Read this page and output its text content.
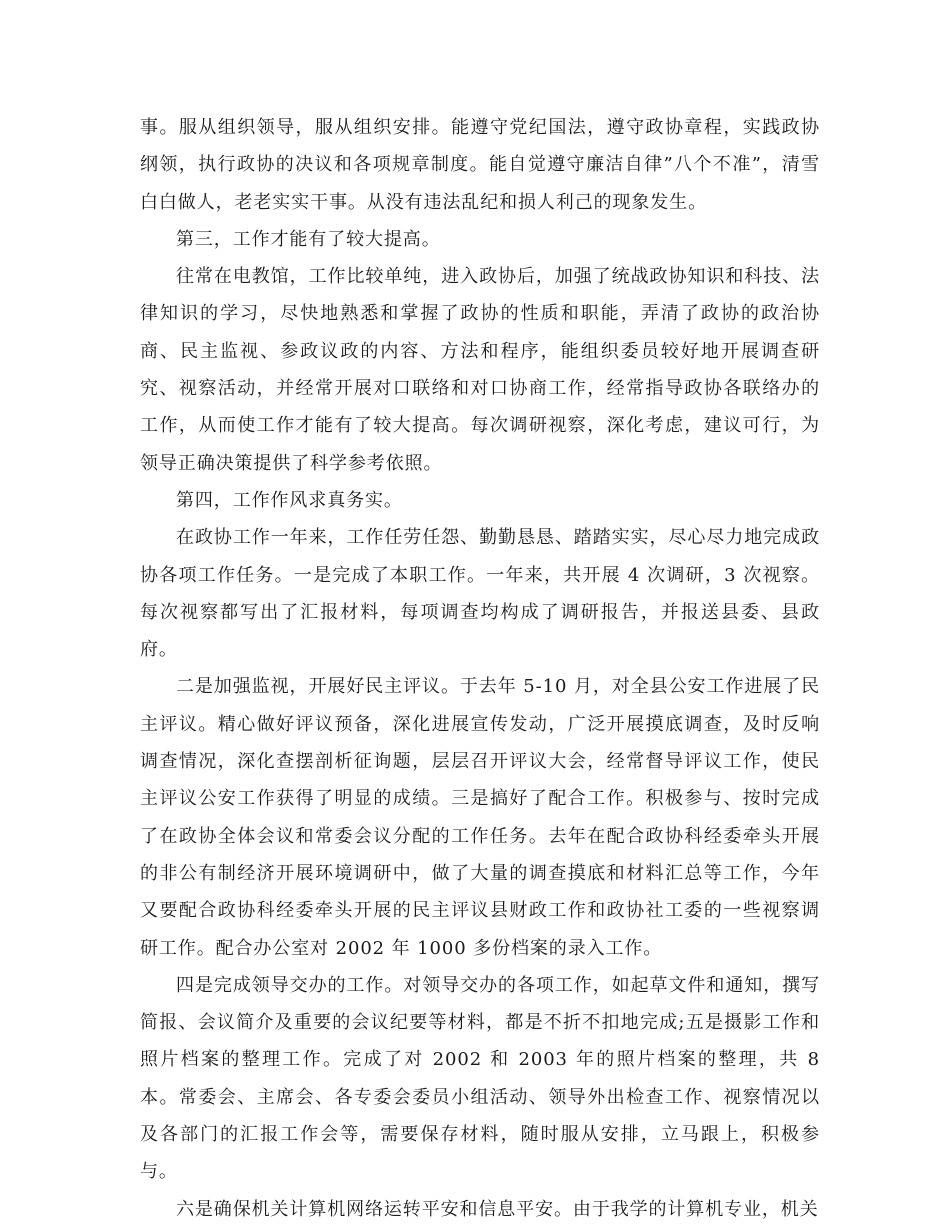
事。服从组织领导，服从组织安排。能遵守党纪国法，遵守政协章程，实践政协纲领，执行政协的决议和各项规章制度。能自觉遵守廉洁自律”八个不准”，清雪白白做人，老老实实干事。从没有违法乱纪和损人利己的现象发生。

第三，工作才能有了较大提高。

往常在电教馆，工作比较单纯，进入政协后，加强了统战政协知识和科技、法律知识的学习，尽快地熟悉和掌握了政协的性质和职能，弄清了政协的政治协商、民主监视、参政议政的内容、方法和程序，能组织委员较好地开展调查研究、视察活动，并经常开展对口联络和对口协商工作，经常指导政协各联络办的工作，从而使工作才能有了较大提高。每次调研视察，深化考虑，建议可行，为领导正确决策提供了科学参考依照。

第四，工作作风求真务实。

在政协工作一年来，工作任劳任怨、勤勤恳恳、踏踏实实，尽心尽力地完成政协各项工作任务。一是完成了本职工作。一年来，共开展 4 次调研，3 次视察。每次视察都写出了汇报材料，每项调查均构成了调研报告，并报送县委、县政府。

二是加强监视，开展好民主评议。于去年 5-10 月，对全县公安工作进展了民主评议。精心做好评议预备，深化进展宣传发动，广泛开展摸底调查，及时反响调查情况，深化查摆剖析征询题，层层召开评议大会，经常督导评议工作，使民主评议公安工作获得了明显的成绩。三是搞好了配合工作。积极参与、按时完成了在政协全体会议和常委会议分配的工作任务。去年在配合政协科经委牵头开展的非公有制经济开展环境调研中，做了大量的调查摸底和材料汇总等工作，今年又要配合政协科经委牵头开展的民主评议县财政工作和政协社工委的一些视察调研工作。配合办公室对 2002 年 1000 多份档案的录入工作。

四是完成领导交办的工作。对领导交办的各项工作，如起草文件和通知，撰写简报、会议简介及重要的会议纪要等材料，都是不折不扣地完成;五是摄影工作和照片档案的整理工作。完成了对 2002 和 2003 年的照片档案的整理，共 8 本。常委会、主席会、各专委会委员小组活动、领导外出检查工作、视察情况以及各部门的汇报工作会等，需要保存材料，随时服从安排，立马跟上，积极参与。

六是确保机关计算机网络运转平安和信息平安。由于我学的计算机专业，机关
